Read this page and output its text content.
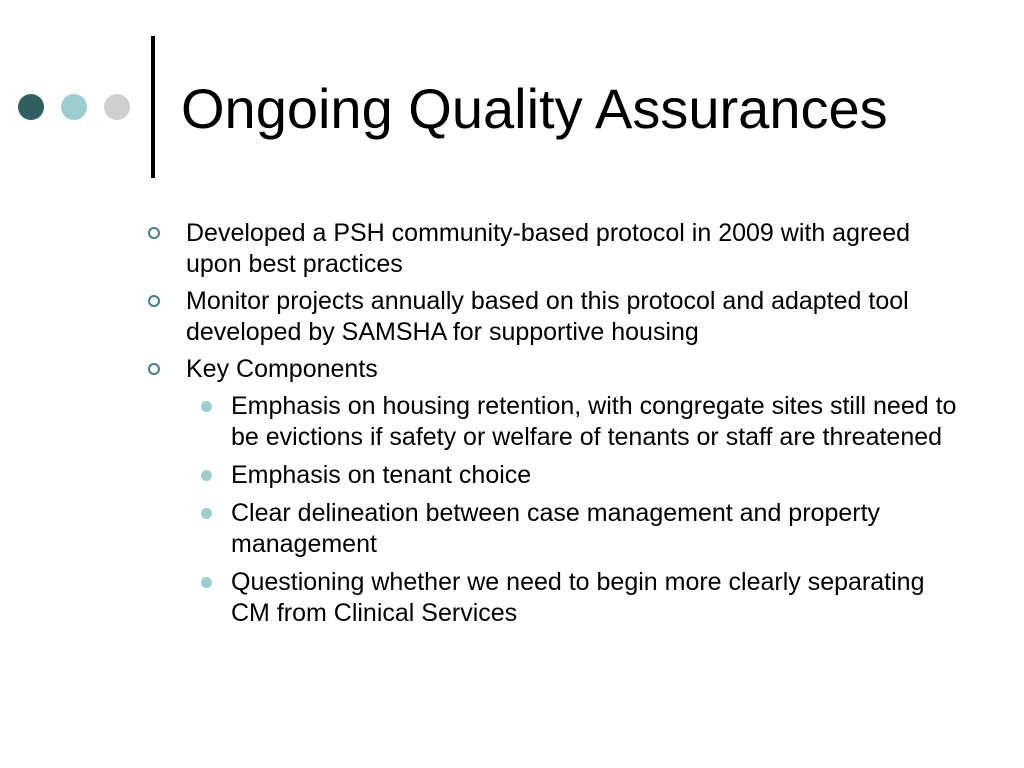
Ongoing Quality Assurances
Developed a PSH community-based protocol in 2009 with agreed upon best practices
Monitor projects annually based on this protocol and adapted tool developed by SAMSHA for supportive housing
Key Components
Emphasis on housing retention, with congregate sites still need to be evictions if safety or welfare of tenants or staff are threatened
Emphasis on tenant choice
Clear delineation between case management and property management
Questioning whether we need to begin more clearly separating CM from Clinical Services
